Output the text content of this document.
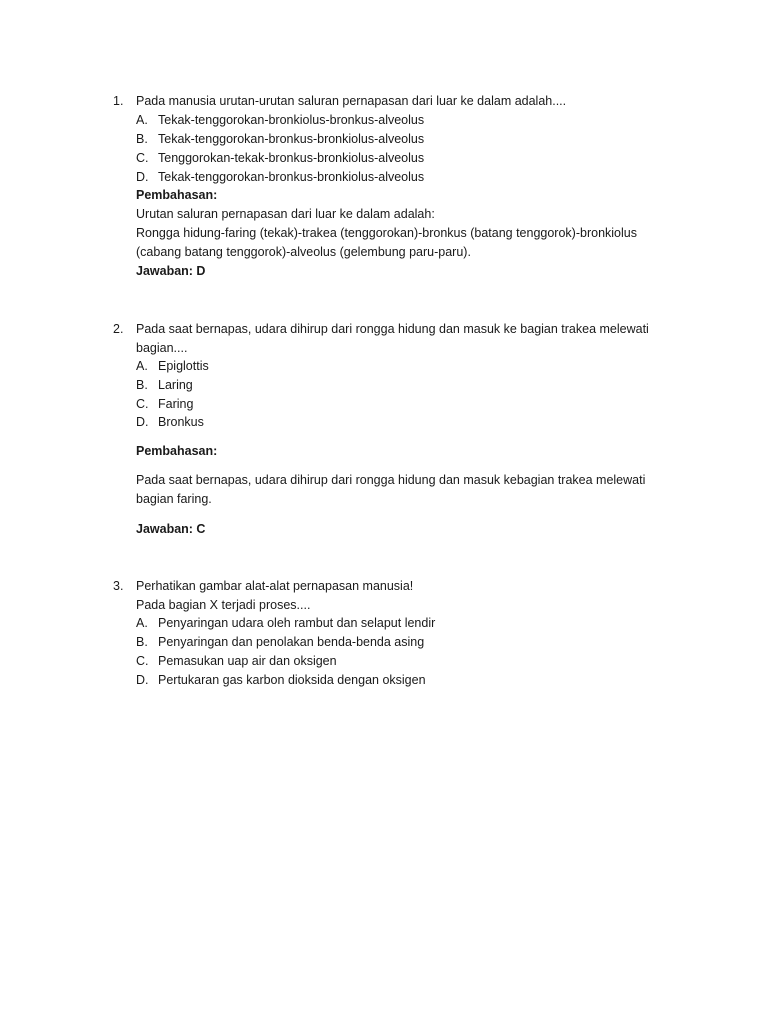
1. Pada manusia urutan-urutan saluran pernapasan dari luar ke dalam adalah....
A. Tekak-tenggorokan-bronkiolus-bronkus-alveolus
B. Tekak-tenggorokan-bronkus-bronkiolus-alveolus
C. Tenggorokan-tekak-bronkus-bronkiolus-alveolus
D. Tekak-tenggorokan-bronkus-bronkiolus-alveolus
Pembahasan:
Urutan saluran pernapasan dari luar ke dalam adalah:
Rongga hidung-faring (tekak)-trakea (tenggorokan)-bronkus (batang tenggorok)-bronkiolus
(cabang batang tenggorok)-alveolus (gelembung paru-paru).
Jawaban: D
2. Pada saat bernapas, udara dihirup dari rongga hidung dan masuk ke bagian trakea melewati
bagian....
A. Epiglottis
B. Laring
C. Faring
D. Bronkus
Pembahasan:
Pada saat bernapas, udara dihirup dari rongga hidung dan masuk kebagian trakea melewati
bagian faring.
Jawaban: C
3. Perhatikan gambar alat-alat pernapasan manusia!
Pada bagian X terjadi proses....
A. Penyaringan udara oleh rambut dan selaput lendir
B. Penyaringan dan penolakan benda-benda asing
C. Pemasukan uap air dan oksigen
D. Pertukaran gas karbon dioksida dengan oksigen
